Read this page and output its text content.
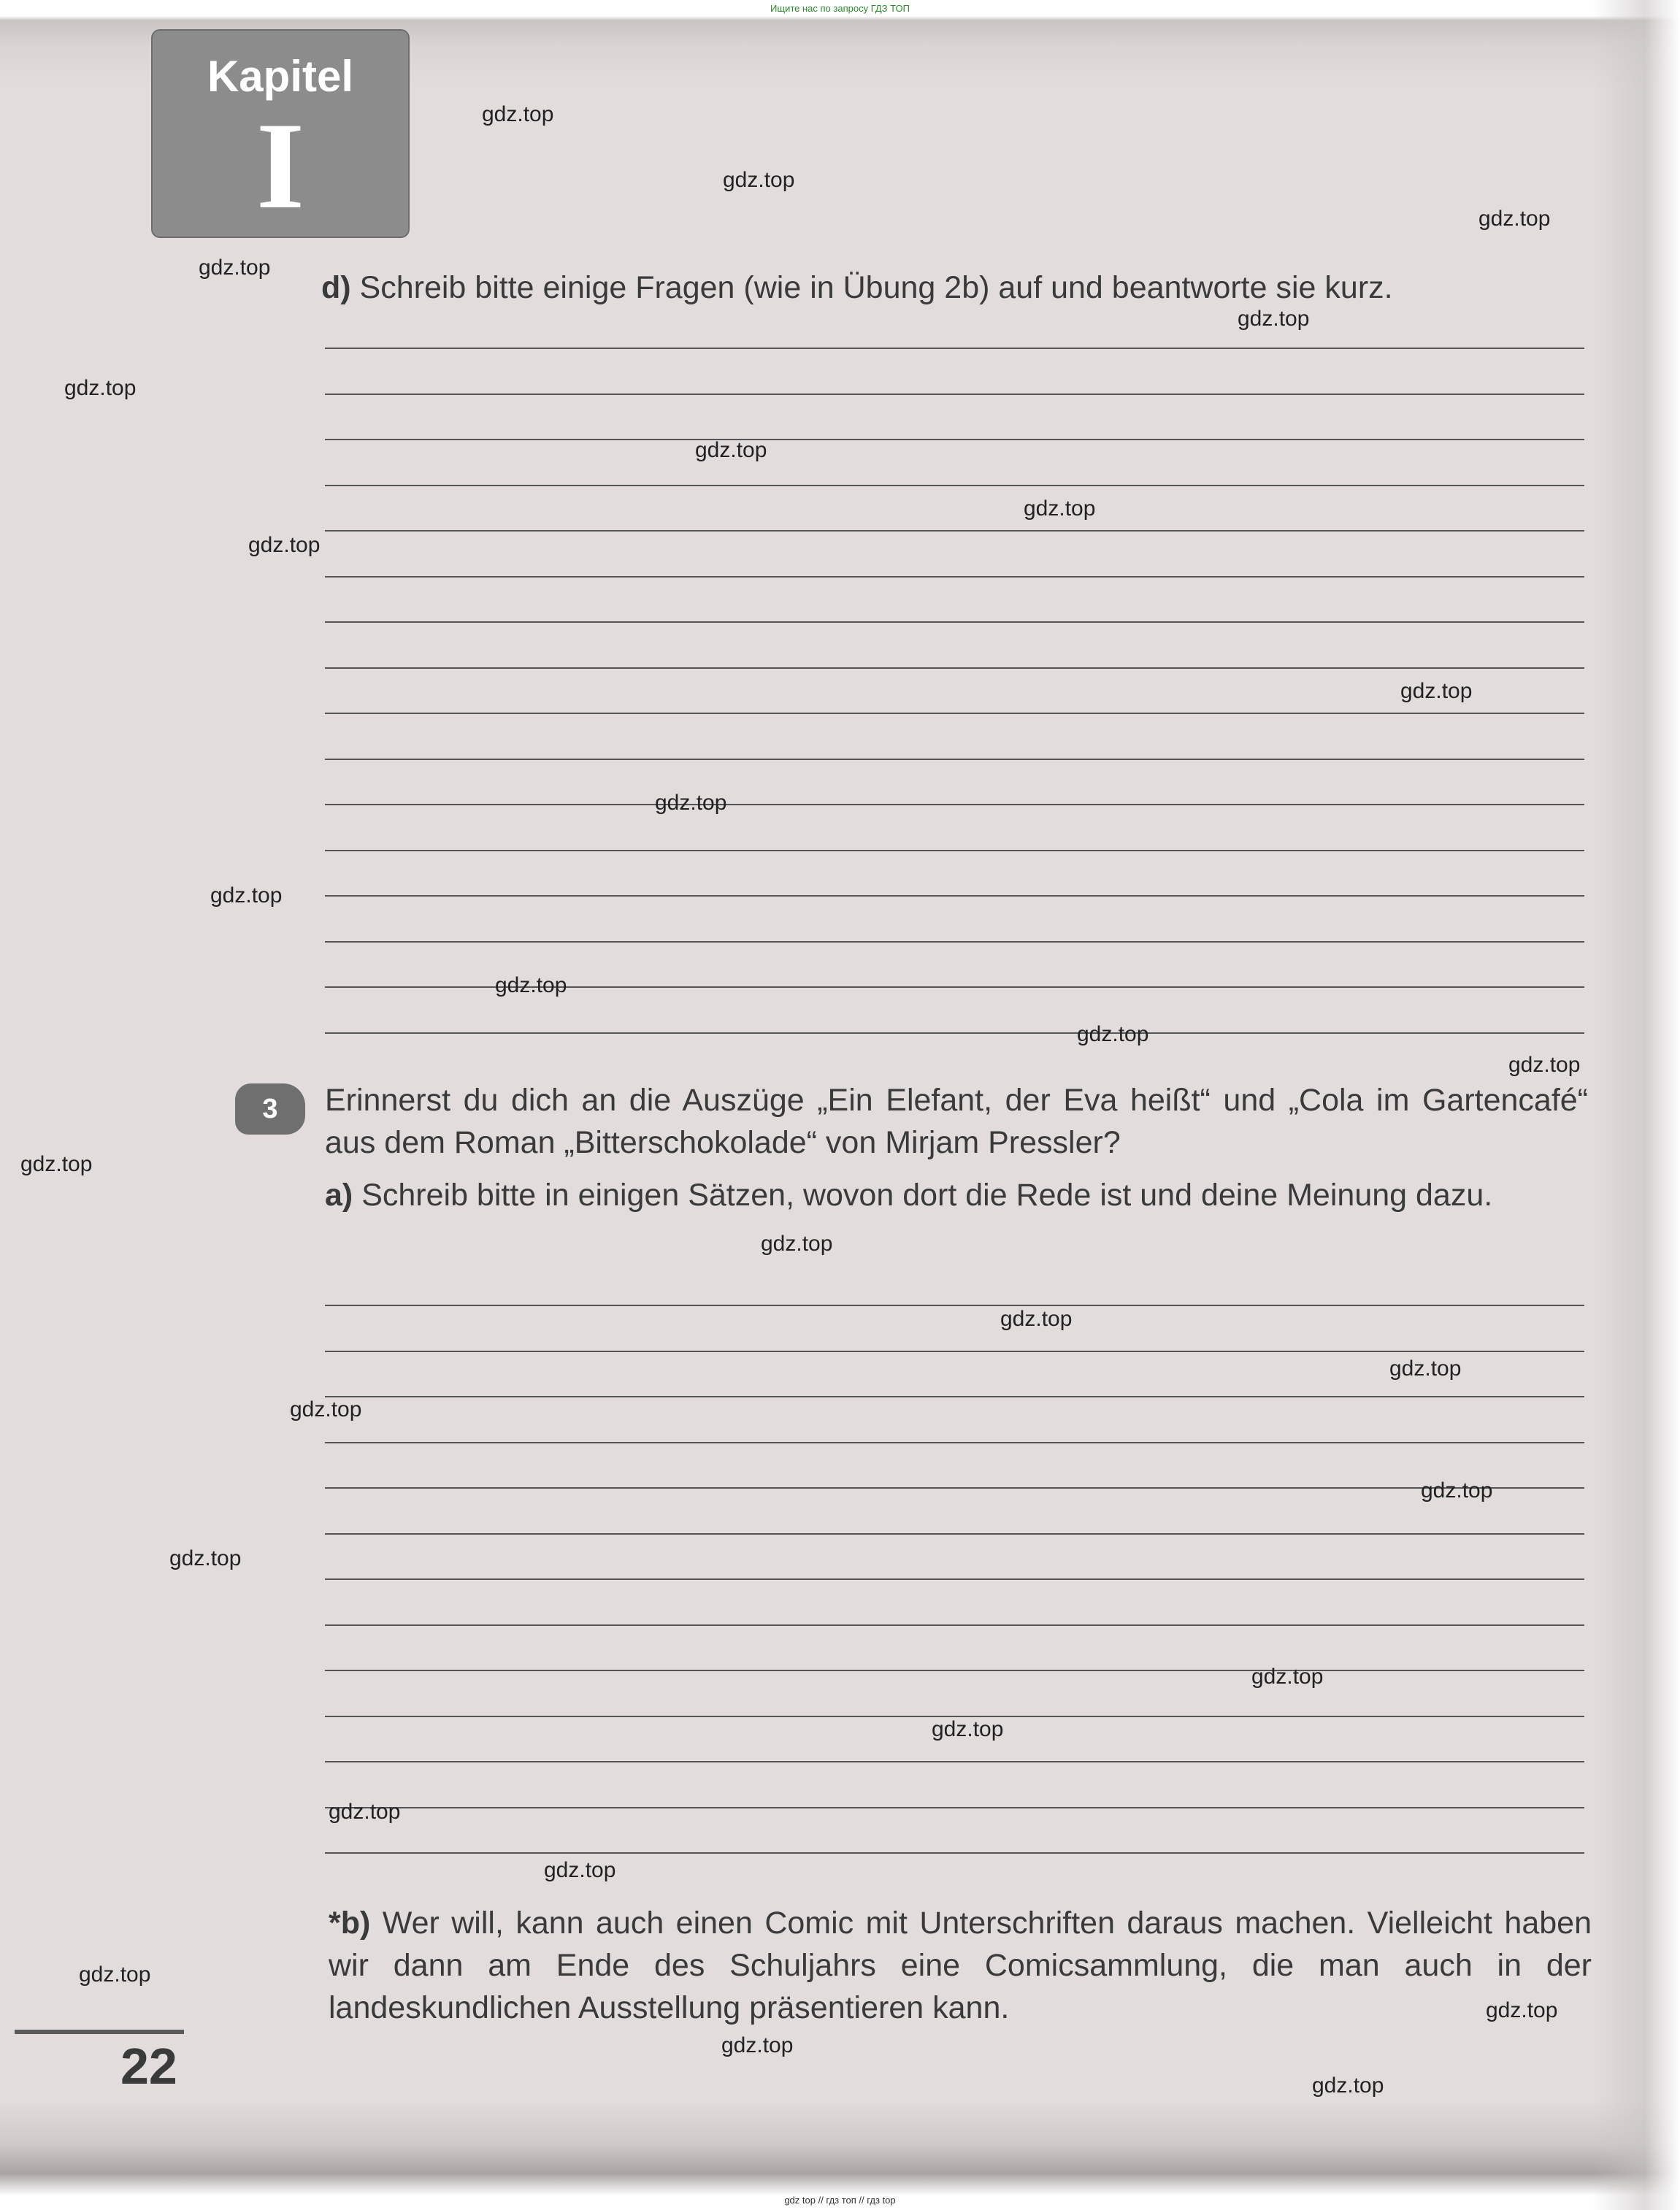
Ищите нас по запросу ГДЗ ТОП
Kapitel
I

d) Schreib bitte einige Fragen (wie in Übung 2b) auf und beantworte sie kurz.

3	Erinnerst du dich an die Auszüge „Ein Elefant, der Eva heißt“ und „Cola im Gartencafé“ aus dem Roman „Bitterschokolade“ von Mirjam Pressler?

a) Schreib bitte in einigen Sätzen, wovon dort die Rede ist und deine Meinung dazu.

*b) Wer will, kann auch einen Comic mit Unterschriften daraus machen. Vielleicht haben wir dann am Ende des Schuljahrs eine Comicsammlung, die man auch in der landeskundlichen Ausstellung präsentieren kann.

22
gdz top // гдз топ // гдз top
gdz.top
gdz.top
gdz.top
gdz.top
gdz.top
gdz.top
gdz.top
gdz.top
gdz.top
gdz.top
gdz.top
gdz.top
gdz.top
gdz.top
gdz.top
gdz.top
gdz.top
gdz.top
gdz.top
gdz.top
gdz.top
gdz.top
gdz.top
gdz.top
gdz.top
gdz.top
gdz.top
gdz.top
gdz.top
gdz.top
